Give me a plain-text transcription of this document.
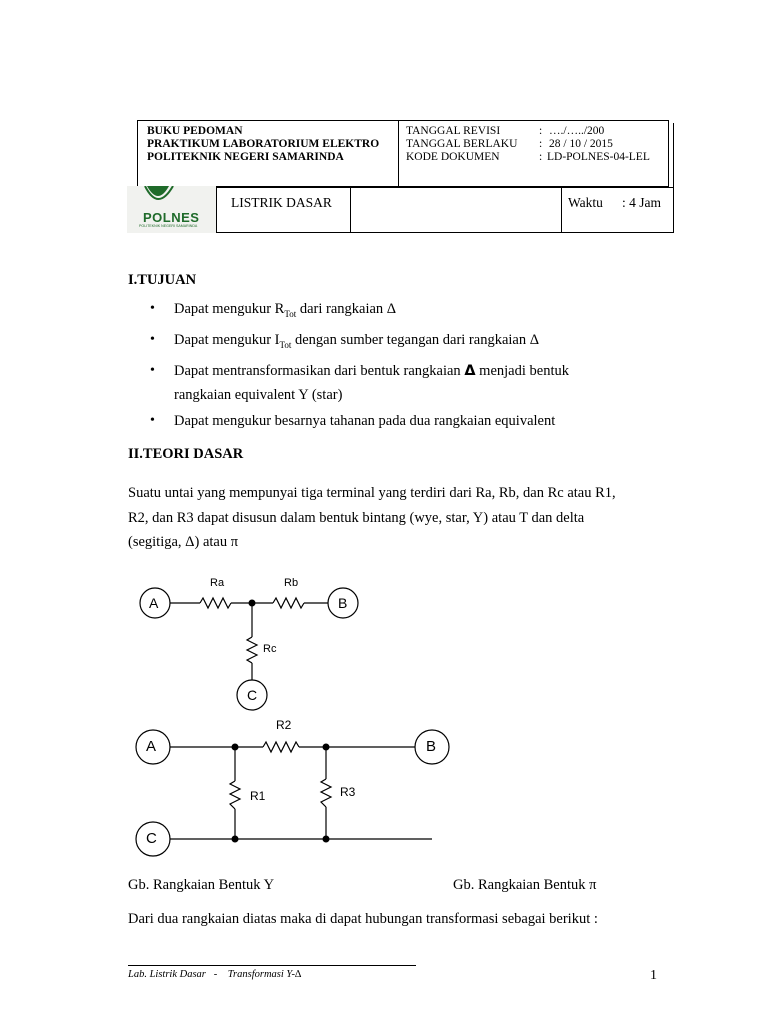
BUKU PEDOMAN
PRAKTIKUM LABORATORIUM ELEKTRO
POLITEKNIK NEGERI SAMARINDA
TANGGAL REVISI	: …./…../200
TANGGAL BERLAKU : 28 / 10 / 2015
KODE DOKUMEN	: LD-POLNES-04-LEL
POLNES
POLITEKNIK NEGERI SAMARINDA
LISTRIK DASAR	Waktu : 4 Jam
I.TUJUAN
• Dapat mengukur $R_{Tot}$ dari rangkaian Δ
• Dapat mengukur $I_{Tot}$ dengan sumber tegangan dari rangkaian Δ
• Dapat mentransformasikan dari bentuk rangkaian Δ menjadi bentuk
rangkaian equivalent Y (star)
• Dapat mengukur besarnya tahanan pada dua rangkaian equivalent
II.TEORI DASAR
Suatu untai yang mempunyai tiga terminal yang terdiri dari Ra, Rb, dan Rc atau R1,
R2, dan R3 dapat disusun dalam bentuk bintang (wye, star, Y) atau T dan delta
(segitiga, Δ) atau π
A	B
C
Ra	Rb
Rc
A	B
C
R2
R1	R3
Gb. Rangkaian Bentuk Y	Gb. Rangkaian Bentuk π
Dari dua rangkaian diatas maka di dapat hubungan transformasi sebagai berikut :
Lab. Listrik Dasar   -    Transformasi Y-∆	1
